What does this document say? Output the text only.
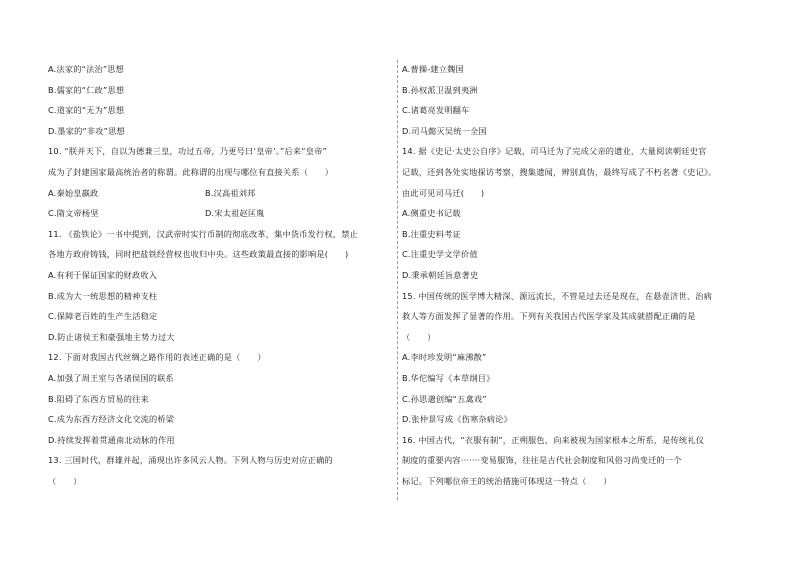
A.法家的“法治”思想
B.儒家的“仁政”思想
C.道家的“无为”思想
D.墨家的“非攻”思想
10. “朕并天下，自以为德兼三皇，功过五帝，乃更号曰‘皇帝’。”后来“皇帝”
成为了封建国家最高统治者的称谓。此称谓的出现与哪位有直接关系（　　）
A.秦始皇嬴政	B.汉高祖刘邦
C.隋文帝杨坚	D.宋太祖赵匡胤
11. 《盐铁论》一书中提到，汉武帝时实行币制的彻底改革，集中货币发行权，禁止
各地方政府铸钱，同时把盐铁经营权也收归中央。这些政策最直接的影响是(　　)
A.有利于保证国家的财政收入
B.成为大一统思想的精神支柱
C.保障老百姓的生产生活稳定
D.防止诸侯王和豪强地主势力过大
12. 下面对我国古代丝绸之路作用的表述正确的是（　　）
A.加强了周王室与各诸侯国的联系
B.阻碍了东西方贸易的往来
C.成为东西方经济文化交流的桥梁
D.持续发挥着贯通南北动脉的作用
13. 三国时代，群雄并起，涌现出许多风云人物。下列人物与历史对应正确的
（　　）
A.曹操-建立魏国
B.孙权派卫温到夷洲
C.诸葛亮发明翻车
D.司马懿灭吴统一全国
14. 据《史记·太史公自序》记载，司马迁为了完成父亲的遗业，大量阅读朝廷史官
记载，还到各处实地探访考察，搜集遗闻，辨别真伪，最终写成了不朽名著《史记》。
由此可见司马迁(　　)
A.侧重史书记载
B.注重史料考证
C.注重史学文学价值
D.秉承朝廷旨意著史
15. 中国传统的医学博大精深、源远流长，不管是过去还是现在，在悬壶济世、治病
救人等方面发挥了显著的作用。下列有关我国古代医学家及其成就搭配正确的是
（　　）
A.李时珍发明“麻沸散”
B.华佗编写《本草纲目》
C.孙思邈创编“五禽戏”
D.张仲景写成《伤寒杂病论》
16. 中国古代，“衣服有制”，正朔服色，向来被视为国家根本之所系，是传统礼仪
制度的重要内容·······变易服饰，往往是古代社会制度和风俗习尚变迁的一个
标记。下列哪位帝王的统治措施可体现这一特点（　　）
